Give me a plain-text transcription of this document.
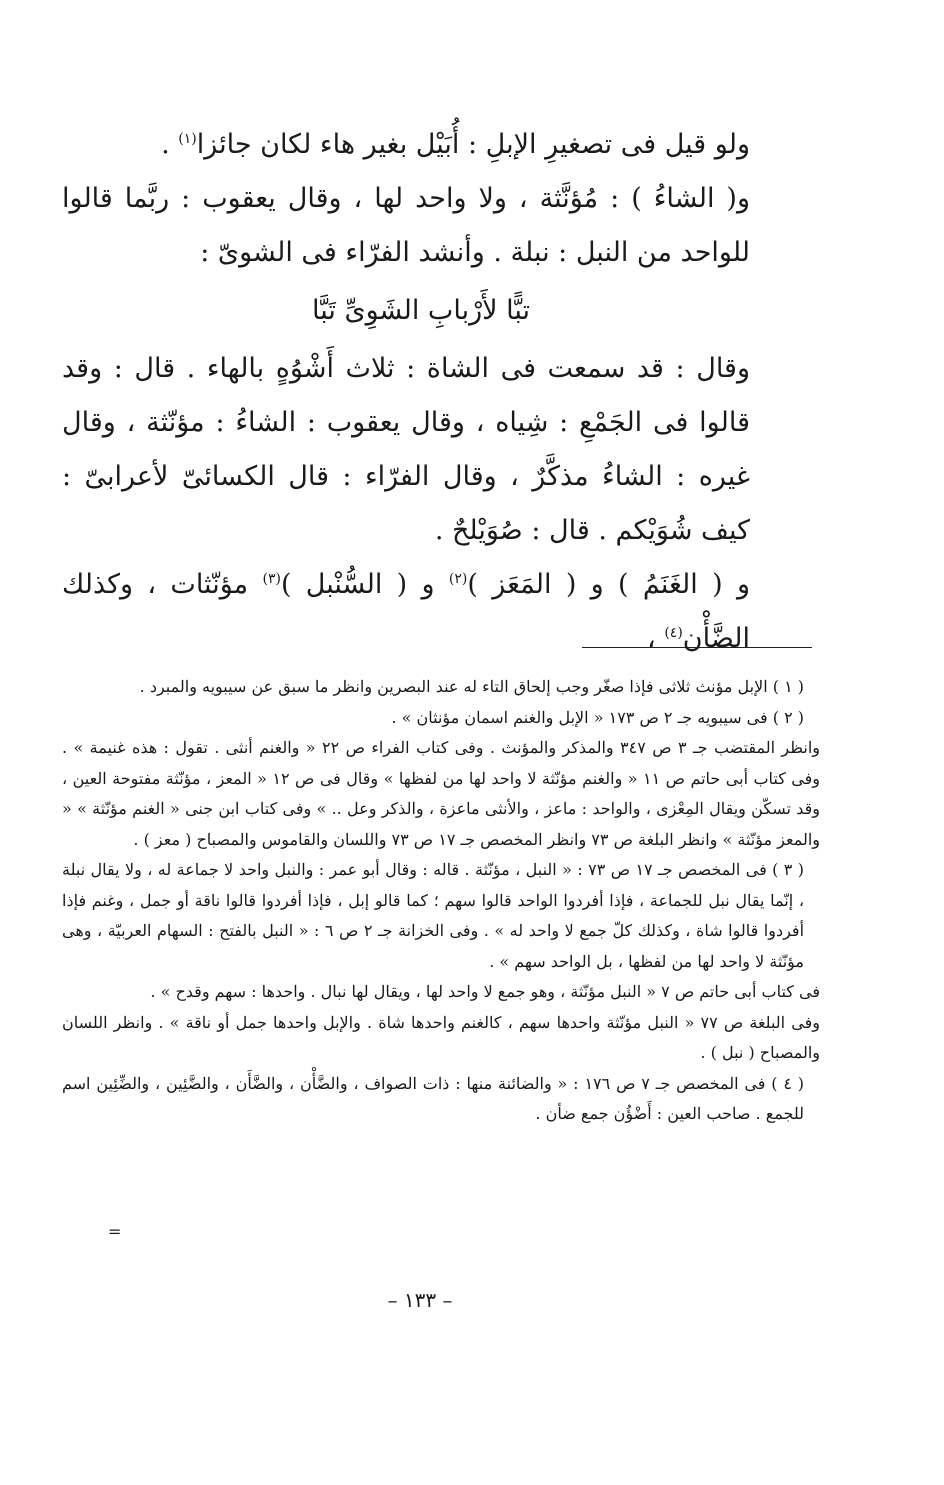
ولو قيل فى تصغيرِ الإبلِ : أُبَيْل بغير هاء لكان جائزا$^{(١)}$ .

و( الشاءُ ) : مُؤنَّثة ، ولا واحد لها ، وقال يعقوب : ربَّما قالوا للواحد من النبل : نبلة . وأنشد الفرّاء فى الشوىّ :

تبًّا لأَرْبابِ الشَوِىِّ تَبَّا

وقال : قد سمعت فى الشاة : ثلاث أَشْوُهٍ بالهاء . قال : وقد قالوا فى الجَمْعِ : شِياه ، وقال يعقوب : الشاءُ : مؤنّثة ، وقال غيره : الشاءُ مذكَّرٌ ، وقال الفرّاء : قال الكسائىّ لأعرابىّ : كيف شُوَيْكم . قال : صُوَيْلحٌ .

و ( الغَنَمُ ) و ( المَعَز )$^{(٢)}$ و ( السُّنْبل )$^{(٣)}$ مؤنّثات ، وكذلك الضَّأْن$^{(٤)}$ ،

( ١ ) الإبل مؤنث ثلاثى فإذا صغّر وجب إلحاق التاء له عند البصرين وانظر ما سبق عن سيبويه والمبرد .

( ٢ ) فى سيبويه جـ ٢ ص ١٧٣ « الإبل والغنم اسمان مؤنثان » .

وانظر المقتضب جـ ٣ ص ٣٤٧ والمذكر والمؤنث . وفى كتاب الفراء ص ٢٢ « والغنم أنثى . تقول : هذه غنيمة » . وفى كتاب أبى حاتم ص ١١ « والغنم مؤنّثة لا واحد لها من لفظها » وقال فى ص ١٢ « المعز ، مؤنّثة مفتوحة العين ، وقد تسكّن ويقال المِعْزى ، والواحد : ماعز ، والأنثى ماعزة ، والذكر وعل .. » وفى كتاب ابن جنى « الغنم مؤنّثة » « والمعز مؤنّثة » وانظر البلغة ص ٧٣ وانظر المخصص جـ ١٧ ص ٧٣ واللسان والقاموس والمصباح ( معز ) .

( ٣ ) فى المخصص جـ ١٧ ص ٧٣ : « النبل ، مؤنّثة . قاله : وقال أبو عمر : والنبل واحد لا جماعة له ، ولا يقال نبلة ، إنّما يقال نبل للجماعة ، فإذا أفردوا الواحد قالوا سهم ؛ كما قالو إبل ، فإذا أفردوا قالوا ناقة أو جمل ، وغنم فإذا أفردوا قالوا شاة ، وكذلك كلّ جمع لا واحد له » . وفى الخزانة جـ ٢ ص ٦ : « النبل بالفتح : السهام العربيّة ، وهى مؤنّثة لا واحد لها من لفظها ، بل الواحد سهم » .

فى كتاب أبى حاتم ص ٧ « النبل مؤنّثة ، وهو جمع لا واحد لها ، ويقال لها نبال . واحدها : سهم وقدح » .

وفى البلغة ص ٧٧ « النبل مؤنّثة واحدها سهم ، كالغنم واحدها شاة . والإبل واحدها جمل أو ناقة » . وانظر اللسان والمصباح ( نبل ) .

( ٤ ) فى المخصص جـ ٧ ص ١٧٦ : « والضائنة منها : ذات الصواف ، والضَّأْن ، والضَّأَن ، والضَّئِين ، والضِّئِين اسم للجمع . صاحب العين : أَضْؤُن جمع ضأن .

=
– ١٣٣ –
